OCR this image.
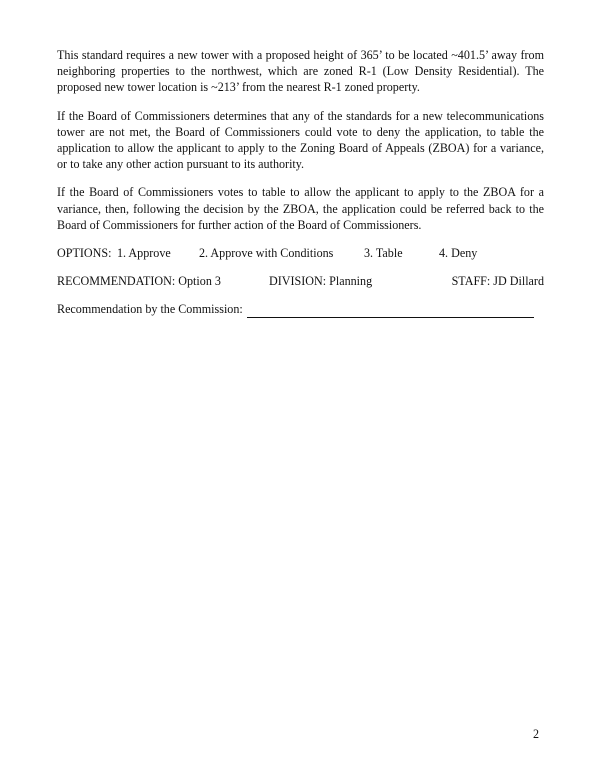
This standard requires a new tower with a proposed height of 365’ to be located ~401.5’ away from neighboring properties to the northwest, which are zoned R-1 (Low Density Residential). The proposed new tower location is ~213’ from the nearest R-1 zoned property.

If the Board of Commissioners determines that any of the standards for a new telecommunications tower are not met, the Board of Commissioners could vote to deny the application, to table the application to allow the applicant to apply to the Zoning Board of Appeals (ZBOA) for a variance, or to take any other action pursuant to its authority.

If the Board of Commissioners votes to table to allow the applicant to apply to the ZBOA for a variance, then, following the decision by the ZBOA, the application could be referred back to the Board of Commissioners for further action of the Board of Commissioners.

OPTIONS: 1. Approve	2. Approve with Conditions	3. Table	4. Deny
RECOMMENDATION: Option 3	DIVISION: Planning	STAFF: JD Dillard
Recommendation by the Commission:
2
